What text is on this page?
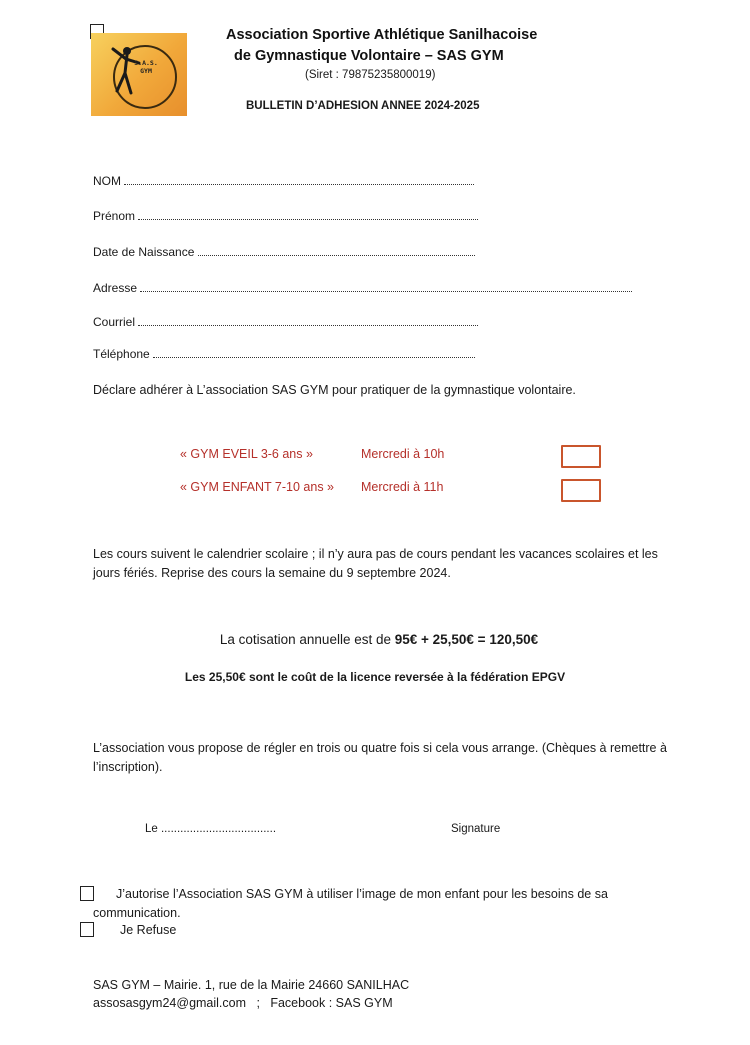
S.A.S. GYM
Association Sportive Athlétique Sanilhacoise
de Gymnastique Volontaire – SAS GYM
(Siret : 79875235800019)
BULLETIN D’ADHESION ANNEE 2024-2025
NOM
Prénom
Date de Naissance
Adresse
Courriel
Téléphone
Déclare adhérer à L’association SAS GYM pour pratiquer de la gymnastique volontaire.
« GYM EVEIL 3-6 ans »	Mercredi à 10h
« GYM ENFANT 7-10 ans » Mercredi à 11h
Les cours suivent le calendrier scolaire ; il n’y aura pas de cours pendant les vacances scolaires et les jours fériés. Reprise des cours la semaine du 9 septembre 2024.
La cotisation annuelle est de 95€ + 25,50€ = 120,50€
Les 25,50€ sont le coût de la licence reversée à la fédération EPGV
L’association vous propose de régler en trois ou quatre fois si cela vous arrange. (Chèques à remettre à l’inscription).
Le ....................................	Signature
J’autorise l’Association SAS GYM à utiliser l’image de mon enfant pour les besoins de sa communication.
Je Refuse
SAS GYM – Mairie. 1, rue de la Mairie 24660 SANILHAC
assosasgym24@gmail.com   ;   Facebook : SAS GYM
